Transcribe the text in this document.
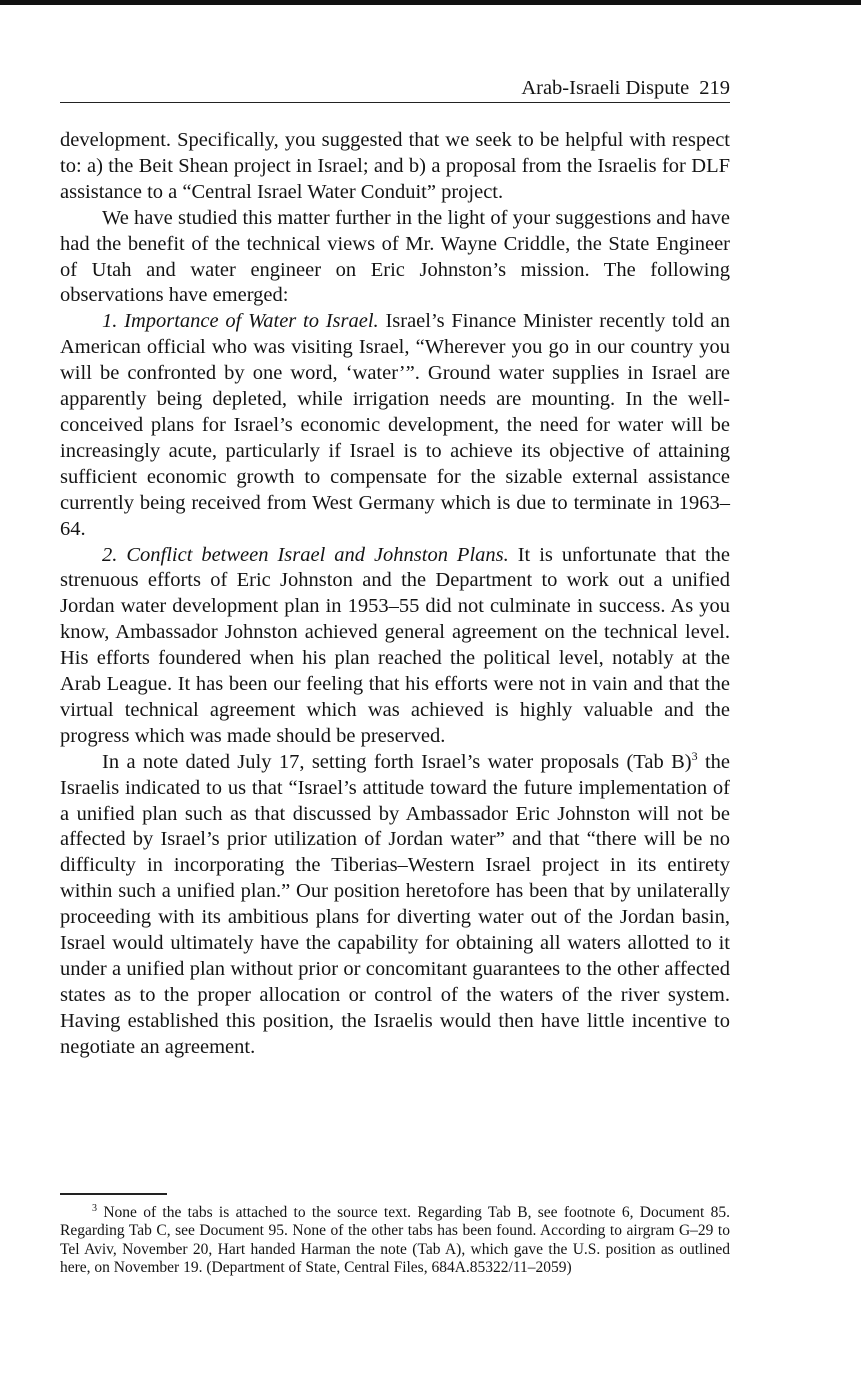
Arab-Israeli Dispute 219

development. Specifically, you suggested that we seek to be helpful with respect to: a) the Beit Shean project in Israel; and b) a proposal from the Israelis for DLF assistance to a “Central Israel Water Conduit” project.

We have studied this matter further in the light of your suggestions and have had the benefit of the technical views of Mr. Wayne Criddle, the State Engineer of Utah and water engineer on Eric Johnston’s mission. The following observations have emerged:

1. Importance of Water to Israel. Israel’s Finance Minister recently told an American official who was visiting Israel, “Wherever you go in our country you will be confronted by one word, ‘water’”. Ground water supplies in Israel are apparently being depleted, while irrigation needs are mounting. In the well-conceived plans for Israel’s economic development, the need for water will be increasingly acute, particularly if Israel is to achieve its objective of attaining sufficient economic growth to compensate for the sizable external assistance currently being received from West Germany which is due to terminate in 1963–64.

2. Conflict between Israel and Johnston Plans. It is unfortunate that the strenuous efforts of Eric Johnston and the Department to work out a unified Jordan water development plan in 1953–55 did not culminate in success. As you know, Ambassador Johnston achieved general agreement on the technical level. His efforts foundered when his plan reached the political level, notably at the Arab League. It has been our feeling that his efforts were not in vain and that the virtual technical agreement which was achieved is highly valuable and the progress which was made should be preserved.

In a note dated July 17, setting forth Israel’s water proposals (Tab B)$^3$ the Israelis indicated to us that “Israel’s attitude toward the future implementation of a unified plan such as that discussed by Ambassador Eric Johnston will not be affected by Israel’s prior utilization of Jordan water” and that “there will be no difficulty in incorporating the Tiberias–Western Israel project in its entirety within such a unified plan.” Our position heretofore has been that by unilaterally proceeding with its ambitious plans for diverting water out of the Jordan basin, Israel would ultimately have the capability for obtaining all waters allotted to it under a unified plan without prior or concomitant guarantees to the other affected states as to the proper allocation or control of the waters of the river system. Having established this position, the Israelis would then have little incentive to negotiate an agreement.

$^3$ None of the tabs is attached to the source text. Regarding Tab B, see footnote 6, Document 85. Regarding Tab C, see Document 95. None of the other tabs has been found. According to airgram G–29 to Tel Aviv, November 20, Hart handed Harman the note (Tab A), which gave the U.S. position as outlined here, on November 19. (Department of State, Central Files, 684A.85322/11–2059)
